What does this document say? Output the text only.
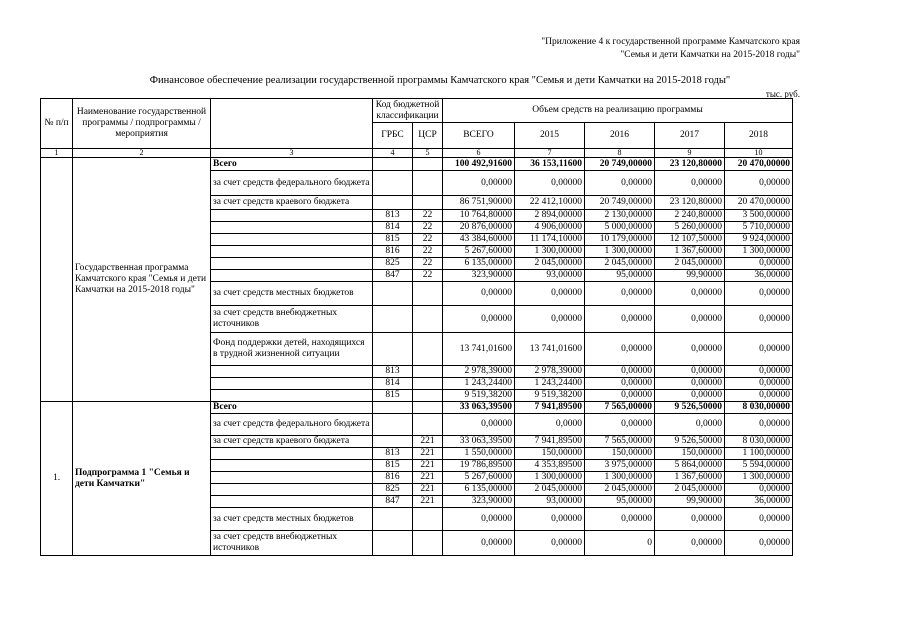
"Приложение 4 к государственной программе Камчатского края
"Семья и дети Камчатки на 2015-2018 годы"
Финансовое обеспечение реализации государственной программы Камчатского края "Семья и дети Камчатки на 2015-2018 годы"
тыс. руб.
№ п/п	Наименование государственной программы / подпрограммы / мероприятия		Код бюджетной классификации		Объем средств на реализацию программы				
			ГРБС	ЦСР	ВСЕГО	2015	2016	2017	2018
1	2	3	4	5	6	7	8	9	10
	Государственная программа Камчатского края "Семья и дети Камчатки на 2015-2018 годы"	Всего			100 492,91600	36 153,11600	20 749,00000	23 120,80000	20 470,00000
		за счет средств федерального бюджета			0,00000	0,00000	0,00000	0,00000	0,00000
		за счет средств краевого бюджета			86 751,90000	22 412,10000	20 749,00000	23 120,80000	20 470,00000
			813	22	10 764,80000	2 894,00000	2 130,00000	2 240,80000	3 500,00000
			814	22	20 876,00000	4 906,00000	5 000,00000	5 260,00000	5 710,00000
			815	22	43 384,60000	11 174,10000	10 179,00000	12 107,50000	9 924,00000
			816	22	5 267,60000	1 300,00000	1 300,00000	1 367,60000	1 300,00000
			825	22	6 135,00000	2 045,00000	2 045,00000	2 045,00000	0,00000
			847	22	323,90000	93,00000	95,00000	99,90000	36,00000
		за счет средств местных бюджетов			0,00000	0,00000	0,00000	0,00000	0,00000
		за счет средств внебюджетных источников			0,00000	0,00000	0,00000	0,00000	0,00000
		Фонд поддержки детей, находящихся в трудной жизненной ситуации			13 741,01600	13 741,01600	0,00000	0,00000	0,00000
			813		2 978,39000	2 978,39000	0,00000	0,00000	0,00000
			814		1 243,24400	1 243,24400	0,00000	0,00000	0,00000
			815		9 519,38200	9 519,38200	0,00000	0,00000	0,00000
1.	Подпрограмма 1 "Семья и дети Камчатки"	Всего			33 063,39500	7 941,89500	7 565,00000	9 526,50000	8 030,00000
		за счет средств федерального бюджета			0,00000	0,0000	0,00000	0,0000	0,00000
		за счет средств краевого бюджета		221	33 063,39500	7 941,89500	7 565,00000	9 526,50000	8 030,00000
			813	221	1 550,00000	150,00000	150,00000	150,00000	1 100,00000
			815	221	19 786,89500	4 353,89500	3 975,00000	5 864,00000	5 594,00000
			816	221	5 267,60000	1 300,00000	1 300,00000	1 367,60000	1 300,00000
			825	221	6 135,00000	2 045,00000	2 045,00000	2 045,00000	0,00000
			847	221	323,90000	93,00000	95,00000	99,90000	36,00000
		за счет средств местных бюджетов			0,00000	0,00000	0,00000	0,00000	0,00000
		за счет средств внебюджетных источников			0,00000	0,00000	0	0,00000	0,00000
